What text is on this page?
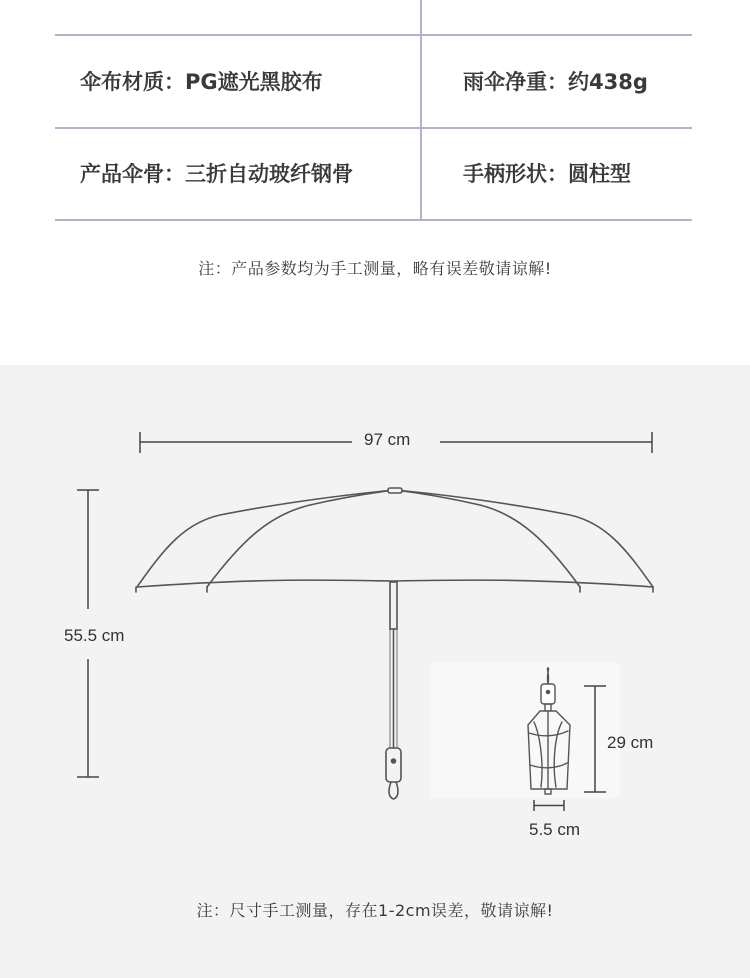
伞布材质：PG遮光黑胶布	雨伞净重：约438g
产品伞骨：三折自动玻纤钢骨	手柄形状：圆柱型
注：产品参数均为手工测量，略有误差敬请谅解!
97 cm
55.5 cm
29 cm
5.5 cm
注：尺寸手工测量，存在1-2cm误差，敬请谅解!
